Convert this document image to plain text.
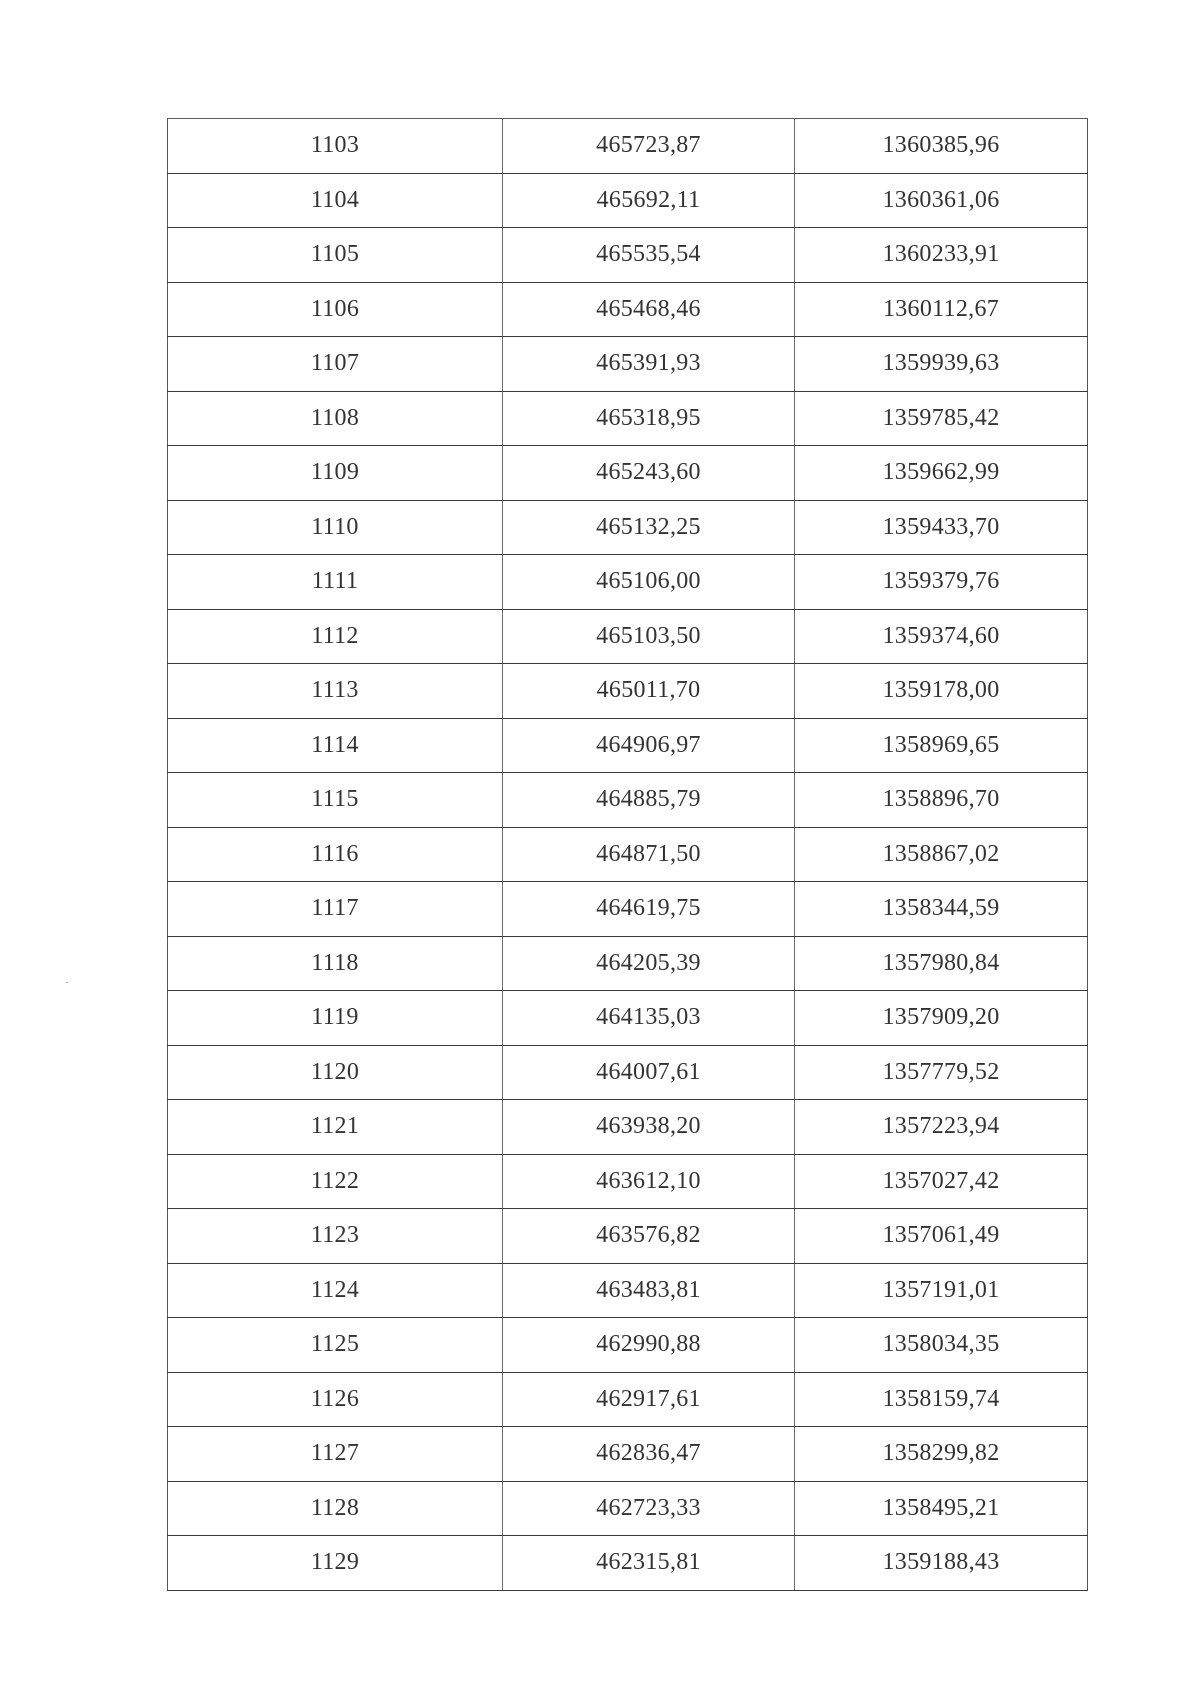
1103	465723,87	1360385,96
1104	465692,11	1360361,06
1105	465535,54	1360233,91
1106	465468,46	1360112,67
1107	465391,93	1359939,63
1108	465318,95	1359785,42
1109	465243,60	1359662,99
1110	465132,25	1359433,70
1111	465106,00	1359379,76
1112	465103,50	1359374,60
1113	465011,70	1359178,00
1114	464906,97	1358969,65
1115	464885,79	1358896,70
1116	464871,50	1358867,02
1117	464619,75	1358344,59
1118	464205,39	1357980,84
1119	464135,03	1357909,20
1120	464007,61	1357779,52
1121	463938,20	1357223,94
1122	463612,10	1357027,42
1123	463576,82	1357061,49
1124	463483,81	1357191,01
1125	462990,88	1358034,35
1126	462917,61	1358159,74
1127	462836,47	1358299,82
1128	462723,33	1358495,21
1129	462315,81	1359188,43
